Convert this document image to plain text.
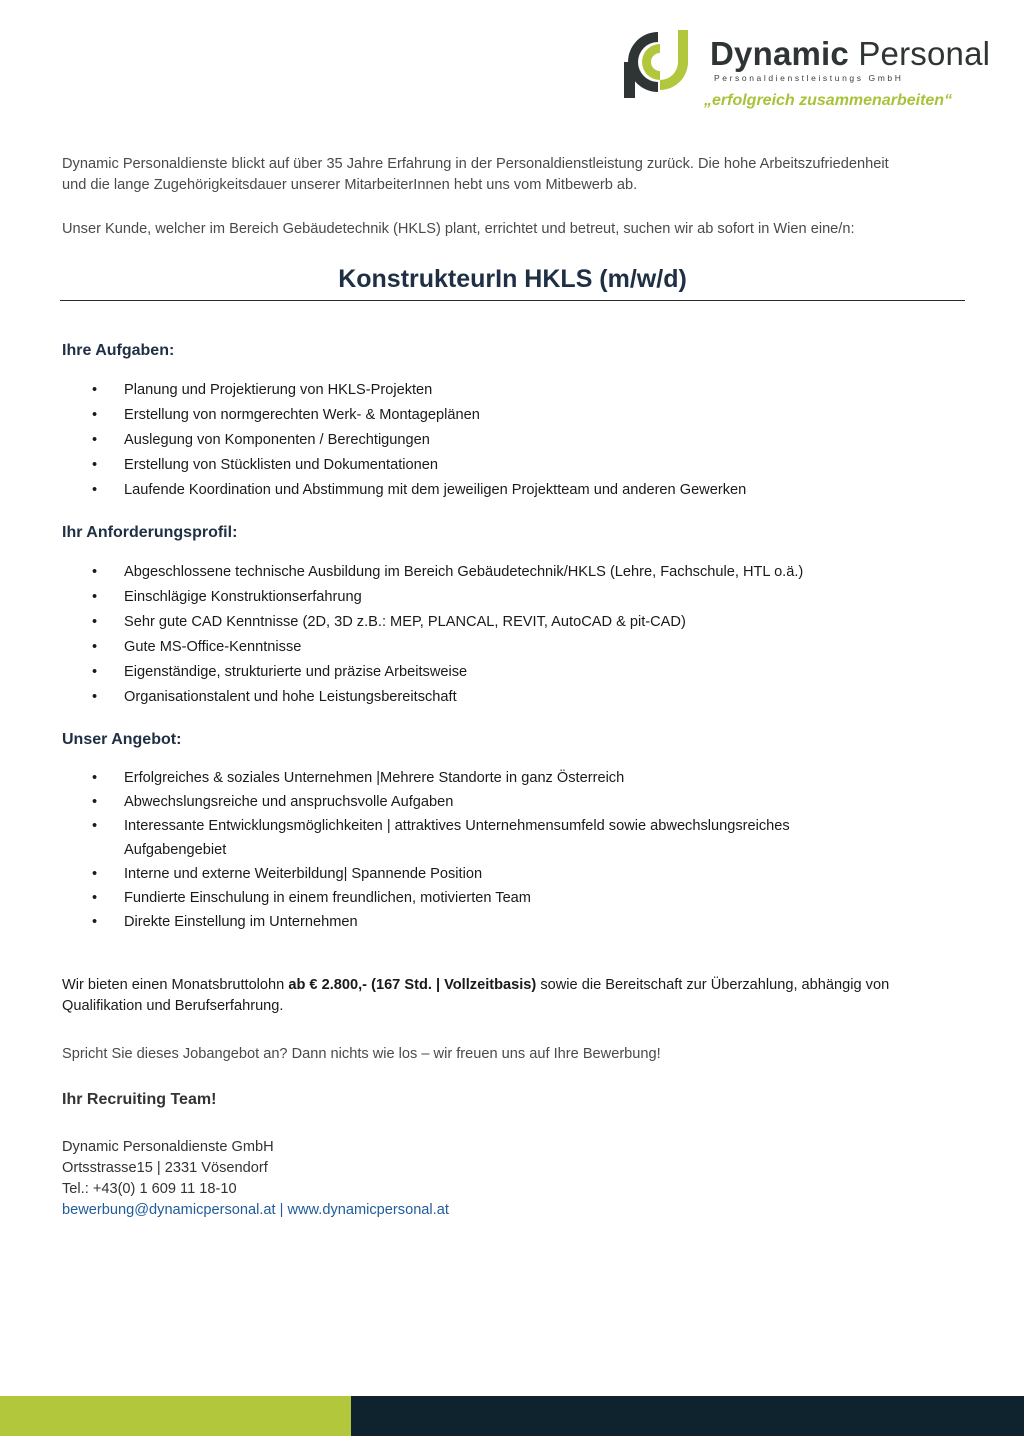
Dynamic Personal
Personaldienstleistungs GmbH
„erfolgreich zusammenarbeiten“
Dynamic Personaldienste blickt auf über 35 Jahre Erfahrung in der Personaldienstleistung zurück. Die hohe Arbeitszufriedenheit
und die lange Zugehörigkeitsdauer unserer MitarbeiterInnen hebt uns vom Mitbewerb ab.
Unser Kunde, welcher im Bereich Gebäudetechnik (HKLS) plant, errichtet und betreut, suchen wir ab sofort in Wien eine/n:
KonstrukteurIn HKLS (m/w/d)
Ihre Aufgaben:
• Planung und Projektierung von HKLS-Projekten
• Erstellung von normgerechten Werk- & Montageplänen
• Auslegung von Komponenten / Berechtigungen
• Erstellung von Stücklisten und Dokumentationen
• Laufende Koordination und Abstimmung mit dem jeweiligen Projektteam und anderen Gewerken
Ihr Anforderungsprofil:
• Abgeschlossene technische Ausbildung im Bereich Gebäudetechnik/HKLS (Lehre, Fachschule, HTL o.ä.)
• Einschlägige Konstruktionserfahrung
• Sehr gute CAD Kenntnisse (2D, 3D z.B.: MEP, PLANCAL, REVIT, AutoCAD & pit-CAD)
• Gute MS-Office-Kenntnisse
• Eigenständige, strukturierte und präzise Arbeitsweise
• Organisationstalent und hohe Leistungsbereitschaft
Unser Angebot:
• Erfolgreiches & soziales Unternehmen |Mehrere Standorte in ganz Österreich
• Abwechslungsreiche und anspruchsvolle Aufgaben
• Interessante Entwicklungsmöglichkeiten | attraktives Unternehmensumfeld sowie abwechslungsreiches
Aufgabengebiet
• Interne und externe Weiterbildung| Spannende Position
• Fundierte Einschulung in einem freundlichen, motivierten Team
• Direkte Einstellung im Unternehmen
Wir bieten einen Monatsbruttolohn ab € 2.800,- (167 Std. | Vollzeitbasis) sowie die Bereitschaft zur Überzahlung, abhängig von
Qualifikation und Berufserfahrung.
Spricht Sie dieses Jobangebot an? Dann nichts wie los – wir freuen uns auf Ihre Bewerbung!
Ihr Recruiting Team!
Dynamic Personaldienste GmbH
Ortsstrasse15 | 2331 Vösendorf
Tel.: +43(0) 1 609 11 18-10
bewerbung@dynamicpersonal.at | www.dynamicpersonal.at
